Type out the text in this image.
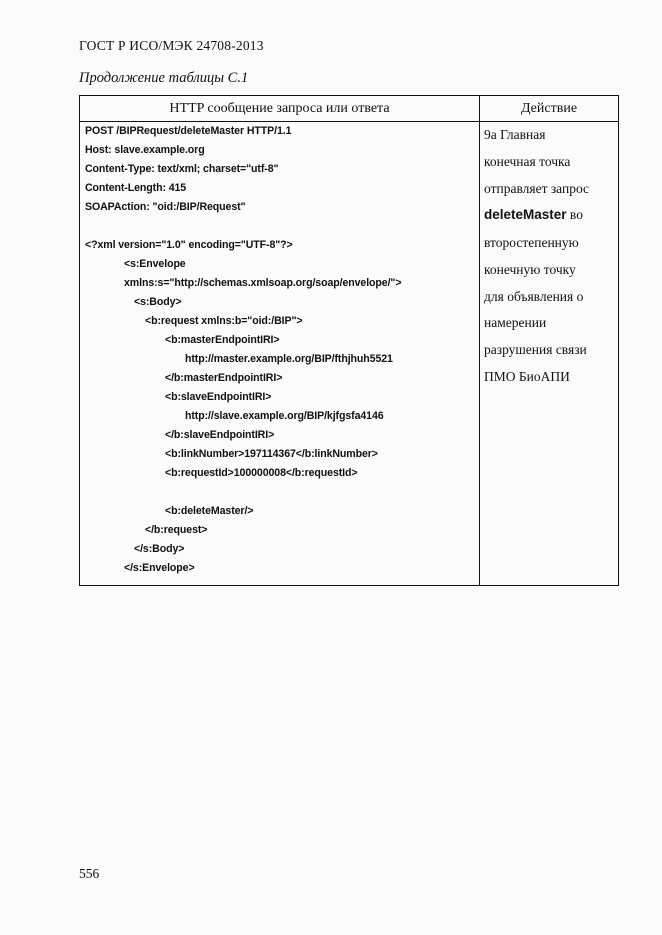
ГОСТ Р ИСО/МЭК 24708-2013
Продолжение таблицы С.1
HTTP сообщение запроса или ответа	Действие
POST /BIPRequest/deleteMaster HTTP/1.1
Host: slave.example.org
Content-Type: text/xml; charset="utf-8"
Content-Length: 415
SOAPAction: "oid:/BIP/Request"
<?xml version="1.0" encoding="UTF-8"?>
<s:Envelope
xmlns:s="http://schemas.xmlsoap.org/soap/envelope/">
<s:Body>
<b:request xmlns:b="oid:/BIP">
<b:masterEndpointIRI>
http://master.example.org/BIP/fthjhuh5521
</b:masterEndpointIRI>
<b:slaveEndpointIRI>
http://slave.example.org/BIP/kjfgsfa4146
</b:slaveEndpointIRI>
<b:linkNumber>197114367</b:linkNumber>
<b:requestId>100000008</b:requestId>
<b:deleteMaster/>
</b:request>
</s:Body>
</s:Envelope>
9a Главная
конечная точка
отправляет запрос
deleteMaster во
второстепенную
конечную точку
для объявления о
намерении
разрушения связи
ПМО БиоАПИ
556
